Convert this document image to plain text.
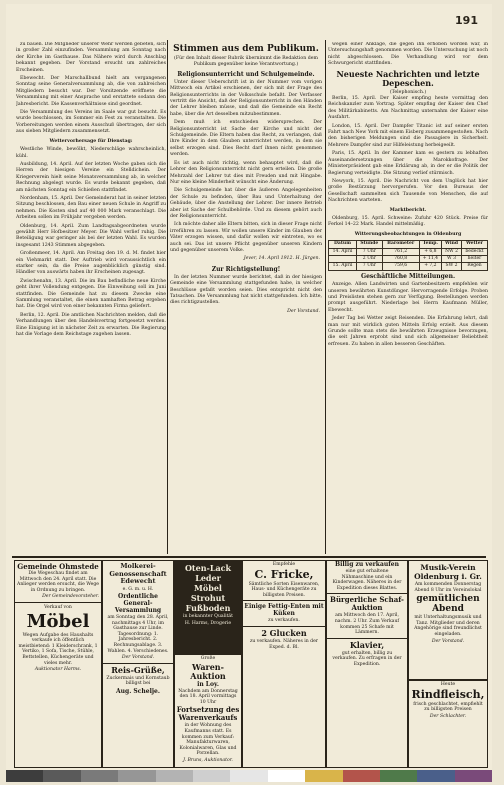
191

zu bauen. Die Mitglieder unserer Wehr werden gebeten, sich in großer Zahl einzufinden. Versammlung am Sonntag nach der Kirche im Gasthause. Das Nähere wird durch Anschlag bekannt gegeben. Der Vorstand ersucht um zahlreiches Erscheinen.

Ebewecht. Der Marschallbund hielt am vergangenen Sonntag seine Generalversammlung ab, die von zahlreichen Mitgliedern besucht war. Der Vorsitzende eröffnete die Versammlung mit einer Ansprache und erstattete sodann den Jahresbericht. Die Kassenverhältnisse sind geordnet.

Die Versammlung des Vereins im Saale war gut besucht. Es wurde beschlossen, im Sommer ein Fest zu veranstalten. Die Vorbereitungen werden einem Ausschuß übertragen, der sich aus sieben Mitgliedern zusammensetzt.

Wettervorhersage für Dienstag:

Westliche Winde, bewölkt, Niederschläge wahrscheinlich, kühl.

Ausbildung, 14. April. Auf der letzten Woche gaben sich die Herren der hiesigen Vereine ein Stelldichein. Der Kriegerverein hielt seine Monatsversammlung ab, in welcher Rechnung abgelegt wurde. Es wurde bekannt gegeben, daß am nächsten Sonntag ein Schießen stattfindet.

Nordenham, 15. April. Der Gemeinderat hat in seiner letzten Sitzung beschlossen, den Bau einer neuen Schule in Angriff zu nehmen. Die Kosten sind auf 40 000 Mark veranschlagt. Die Arbeiten sollen im Frühjahr vergeben werden.

Oldenburg, 14. April. Zum Landtagsabgeordneten wurde gewählt Herr Hofbesitzer Meyer. Die Wahl verlief ruhig. Die Beteiligung war geringer als bei der letzten Wahl. Es wurden insgesamt 1243 Stimmen abgegeben.

Großenmeer, 14. April. Am Freitag den 19. d. M. findet hier ein Viehmarkt statt. Der Auftrieb wird voraussichtlich ein starker sein, da die Preise augenblicklich günstig sind. Händler von auswärts haben ihr Erscheinen zugesagt.

Zwischenahn, 13. April. Die im Bau befindliche neue Kirche geht ihrer Vollendung entgegen. Die Einweihung soll im Juni stattfinden. Die Gemeinde hat zu diesem Zwecke eine Sammlung veranstaltet, die einen namhaften Betrag ergeben hat. Die Orgel wird von einer bekannten Firma geliefert.

Berlin, 12. April. Die amtlichen Nachrichten melden, daß die Verhandlungen über den Handelsvertrag fortgesetzt werden. Eine Einigung ist in nächster Zeit zu erwarten. Die Regierung hat die Vorlage dem Reichstage zugehen lassen.

Stimmen aus dem Publikum.

(Für den Inhalt dieser Rubrik übernimmt die Redaktion dem Publikum gegenüber keine Verantwortung.)

Religionsunterricht und Schulgemeinde.

Unter dieser Ueberschrift ist in der Nummer vom vorigen Mittwoch ein Artikel erschienen, der sich mit der Frage des Religionsunterrichts in der Volksschule befaßt. Der Verfasser vertritt die Ansicht, daß der Religionsunterricht in den Händen der Lehrer bleiben müsse, und daß die Gemeinde ein Recht habe, über die Art desselben mitzubestimmen.

Dem muß ich entschieden widersprechen. Der Religionsunterricht ist Sache der Kirche und nicht der Schulgemeinde. Die Eltern haben das Recht, zu verlangen, daß ihre Kinder in dem Glauben unterrichtet werden, in dem sie selbst erzogen sind. Dies Recht darf ihnen nicht genommen werden.

Es ist auch nicht richtig, wenn behauptet wird, daß die Lehrer den Religionsunterricht nicht gern erteilen. Die große Mehrzahl der Lehrer tut dies mit Freuden und mit Hingabe. Nur eine kleine Minderheit wünscht eine Änderung.

Die Schulgemeinde hat über die äußeren Angelegenheiten der Schule zu befinden, über Bau und Unterhaltung der Gebäude, über die Anstellung der Lehrer. Der innere Betrieb aber ist Sache der Schulbehörde. Und zu diesem gehört auch der Religionsunterricht.

Ich möchte daher alle Eltern bitten, sich in dieser Frage nicht irreführen zu lassen. Wir wollen unsere Kinder im Glauben der Väter erzogen wissen, und dafür wollen wir eintreten, wo es auch sei. Das ist unsere Pflicht gegenüber unseren Kindern und gegenüber unserem Volke.

Jever, 14. April 1912. H. Jürgen.
Zur Richtigstellung!

In der letzten Nummer wurde berichtet, daß in der hiesigen Gemeinde eine Versammlung stattgefunden habe, in welcher Beschlüsse gefaßt worden seien. Dies entspricht nicht den Tatsachen. Die Versammlung hat nicht stattgefunden. Ich bitte, dies richtigzustellen.

Der Vorstand.

wegen einer Anklage, die gegen ihn erhoben worden war, in Untersuchungshaft genommen worden. Die Untersuchung ist noch nicht abgeschlossen. Die Verhandlung wird vor dem Schwurgericht stattfinden.

Neueste Nachrichten und letzte Depeschen.
(Telephonisch.)

Berlin, 15. April. Der Kaiser empfing heute vormittag den Reichskanzler zum Vortrag. Später empfing der Kaiser den Chef des Militärkabinetts. Am Nachmittag unternahm der Kaiser eine Ausfahrt.

London, 15. April. Der Dampfer Titanic ist auf seiner ersten Fahrt nach New York mit einem Eisberg zusammengestoßen. Nach den bisherigen Meldungen sind die Passagiere in Sicherheit. Mehrere Dampfer sind zur Hilfeleistung herbeigeeilt.

Paris, 15. April. In der Kammer kam es gestern zu lebhaften Auseinandersetzungen über die Marokkofrage. Der Ministerpräsident gab eine Erklärung ab, in der er die Politik der Regierung verteidigte. Die Sitzung verlief stürmisch.

Newyork, 15. April. Die Nachricht von dem Unglück hat hier große Bestürzung hervorgerufen. Vor den Bureaus der Gesellschaft sammelten sich Tausende von Menschen, die auf Nachrichten warteten.

Marktbericht.

Oldenburg, 15. April. Schweine: Zufuhr 420 Stück. Preise für Ferkel 14–22 Mark. Handel mittelmäßig.

Witterungsbeobachtungen in Oldenburg
Datum	Stunde	Barometer	Temp.	Wind	Wetter
14. April	7 Uhr	761,2	+ 6,8	NW 2	bedeckt
	2 Uhr	760,8	+ 11,4	W 3	heiter
15. April	7 Uhr	759,6	+ 7,2	SW 2	Regen
Geschäftliche Mitteilungen.

Anzeige. Allen Landwirten und Gartenbesitzern empfehlen wir unseren bewährten Kunstdünger. Hervorragende Erfolge. Proben und Preislisten stehen gern zur Verfügung. Bestellungen werden prompt ausgeführt. Niederlage bei Herrn Kaufmann Müller, Ebewecht.

Jeder Tag bei Wetter zeigt Reisenden. Die Erfahrung lehrt, daß man nur mit wirklich guten Mitteln Erfolg erzielt. Aus diesem Grunde sollte man stets die bewährten Erzeugnisse bevorzugen, die seit Jahren erprobt sind und sich allgemeiner Beliebtheit erfreuen. Zu haben in allen besseren Geschäften.

Gemeinde Ohmstede

Die Wegeschau findet am Mittwoch den 24. April statt. Die Anlieger werden ersucht, die Wege in Ordnung zu bringen.

Der Gemeindevorsteher.

Verkauf von

Möbel

Wegen Aufgabe des Haushalts verkaufe ich öffentlich meistbietend: 1 Kleiderschrank, 1 Vertiko, 1 Sofa, Tische, Stühle, Bettstellen, Küchengeräte und vieles mehr.

Auktionator Harms.

Molkerei-Genossenschaft Edewecht

e. G. m. u. H.

Ordentliche General-Versammlung

am Sonntag den 28. April, nachmittags 4 Uhr, im Gasthause zur Linde. Tagesordnung: 1. Jahresbericht. 2. Rechnungsablage. 3. Wahlen. 4. Verschiedenes.

Der Vorstand.

Reis-Grüße,

Zuckermais und Kornstaub billigst bei

Aug. Schelje.
Oten-Lack
Leder
Möbel
Strohut
Fußboden

in bekannter Qualität

H. Harms, Drogerie

Große

Waren-Auktion
in Loy.

Nachdem am Donnerstag den 18. April vormittags 10 Uhr

Fortsetzung des Warenverkaufs

in der Wohnung des Kaufmanns statt. Es kommen zum Verkauf: Manufakturwaren, Kolonialwaren, Glas und Porzellan.

J. Bruns, Auktionator.

Empfehle

C. Fricke,

Sämtliche Sorten Eisenwaren, Haus- und Küchengeräte zu billigsten Preisen.

Einige Fettig-Enten mit Küken

zu verkaufen.

2 Glucken

zu verkaufen. Näheres in der Exped. d. Bl.

Billig zu verkaufen

eine gut erhaltene Nähmaschine und ein Kinderwagen. Näheres in der Expedition dieses Blattes.

Bürgerliche Schaf-Auktion

am Mittwoch den 17. April, nachm. 2 Uhr. Zum Verkauf kommen 25 Schafe mit Lämmern.

Klavier,

gut erhalten, billig zu verkaufen. Zu erfragen in der Expedition.

Musik-Verein Oldenburg i. Gr.

Am kommenden Donnerstag Abend 8 Uhr im Vereinslokal

gemütlichen Abend

mit Unterhaltungsmusik und Tanz. Mitglieder und deren Angehörige sind freundlichst eingeladen.

Der Vorstand.

Heute

Rindfleisch,

frisch geschlachtet, empfiehlt zu billigsten Preisen

Der Schlachter.
